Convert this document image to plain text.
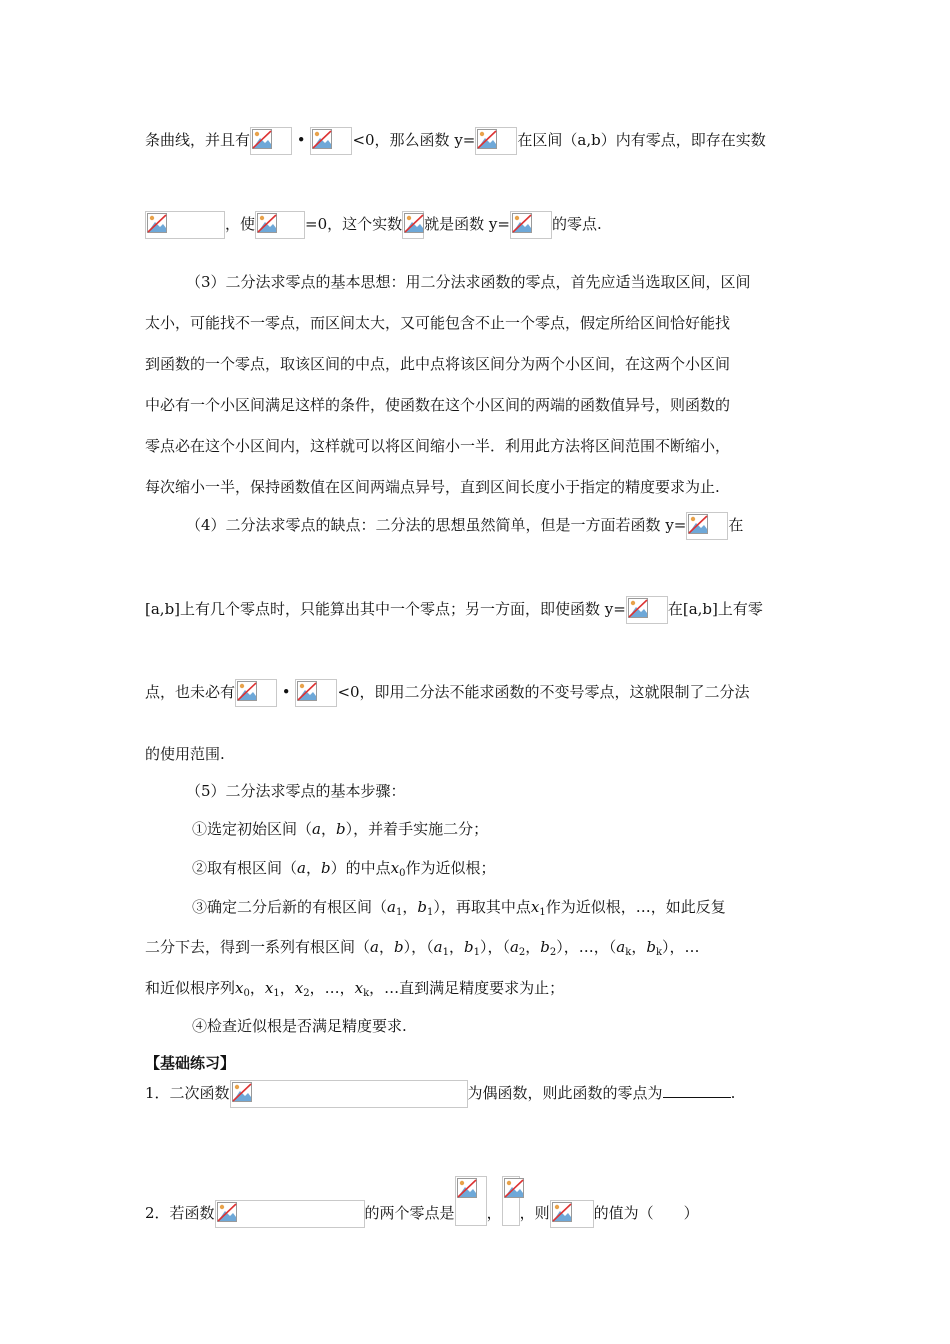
条曲线，并且有	•	<0，那么函数 y=	在区间（a,b）内有零点，即存在实数
，使	=0，这个实数 就是函数 y=	的零点.
（3）二分法求零点的基本思想：用二分法求函数的零点，首先应适当选取区间，区间
太小，可能找不一零点，而区间太大，又可能包含不止一个零点，假定所给区间恰好能找
到函数的一个零点，取该区间的中点，此中点将该区间分为两个小区间，在这两个小区间
中必有一个小区间满足这样的条件，使函数在这个小区间的两端的函数值异号，则函数的
零点必在这个小区间内，这样就可以将区间缩小一半．利用此方法将区间范围不断缩小，
每次缩小一半，保持函数值在区间两端点异号，直到区间长度小于指定的精度要求为止.
（4）二分法求零点的缺点：二分法的思想虽然简单，但是一方面若函数 y=	在
[a,b]上有几个零点时，只能算出其中一个零点；另一方面，即使函数 y=	在[a,b]上有零
点，也未必有	•	<0，即用二分法不能求函数的不变号零点，这就限制了二分法
的使用范围.
（5）二分法求零点的基本步骤：
①选定初始区间（a，b），并着手实施二分；
②取有根区间（a，b）的中点$x_0$作为近似根；
③确定二分后新的有根区间（$a_1$，$b_1$），再取其中点$x_1$作为近似根，…，如此反复
二分下去，得到一系列有根区间（a，b），（$a_1$，$b_1$），（$a_2$，$b_2$），…，（$a_k$，$b_k$），…
和近似根序列$x_0$，$x_1$，$x_2$，…，$x_k$，…直到满足精度要求为止；
④检查近似根是否满足精度要求.
【基础练习】
1．二次函数	为偶函数，则此函数的零点为	.
2．若函数	的两个零点是 ， ，则	的值为（　　）
